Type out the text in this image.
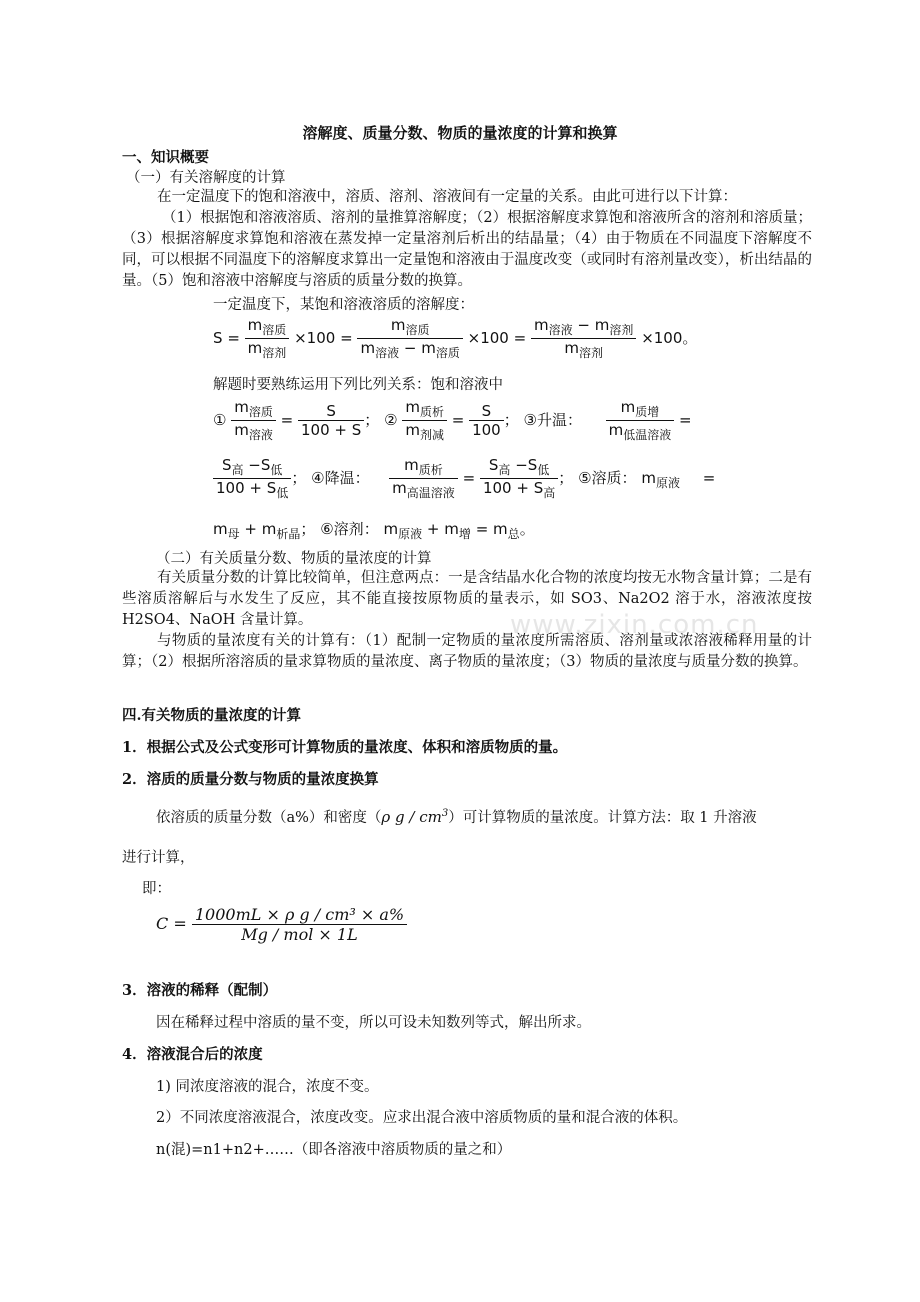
溶解度、质量分数、物质的量浓度的计算和换算
一、知识概要
（一）有关溶解度的计算
在一定温度下的饱和溶液中，溶质、溶剂、溶液间有一定量的关系。由此可进行以下计算：
（1）根据饱和溶液溶质、溶剂的量推算溶解度；（2）根据溶解度求算饱和溶液所含的溶剂和溶质量；（3）根据溶解度求算饱和溶液在蒸发掉一定量溶剂后析出的结晶量；（4）由于物质在不同温度下溶解度不同，可以根据不同温度下的溶解度求算出一定量饱和溶液由于温度改变（或同时有溶剂量改变），析出结晶的量。（5）饱和溶液中溶解度与溶质的质量分数的换算。
一定温度下，某饱和溶液溶质的溶解度：
S =
$m_{溶质}$
$m_{溶剂}$
×100 =
$m_{溶质}$
$m_{溶液} - m_{溶质}$
×100 =
$m_{溶液} - m_{溶剂}$
$m_{溶剂}$
×100。
解题时要熟练运用下列比列关系：饱和溶液中
①
$m_{溶质}$
$m_{溶液}$
= $\frac{S}{100 + S}$ ； ②
$m_{质析}$
$m_{剂减}$
= $\frac{S}{100}$ ； ③升温：
$m_{质增}$
$m_{低温溶液}$
=
$S_高 -S_低$
$100 + S_低$
； ④降温：
$m_{质析}$
$m_{高温溶液}$
=
$S_高 -S_低$
$100 + S_高$
； ⑤溶质： $m_{原液}$ =
$m_母 + m_{析晶}$； ⑥溶剂： $m_{原液} + m_增 = m_总$。
（二）有关质量分数、物质的量浓度的计算
有关质量分数的计算比较简单，但注意两点：一是含结晶水化合物的浓度均按无水物含量计算；二是有些溶质溶解后与水发生了反应，其不能直接按原物质的量表示，如 SO3、Na2O2 溶于水，溶液浓度按 H2SO4、NaOH 含量计算。
与物质的量浓度有关的计算有：（1）配制一定物质的量浓度所需溶质、溶剂量或浓溶液稀释用量的计算；（2）根据所溶溶质的量求算物质的量浓度、离子物质的量浓度；（3）物质的量浓度与质量分数的换算。
www.zixin.com.cn
四.有关物质的量浓度的计算
1．根据公式及公式变形可计算物质的量浓度、体积和溶质物质的量。
2．溶质的质量分数与物质的量浓度换算
依溶质的质量分数（a%）和密度（ρ g / $cm^3$）可计算物质的量浓度。计算方法：取 1 升溶液
进行计算，
即：
C = 1000mL × ρ g / cm³ × a%
Mg / mol × 1L
3．溶液的稀释（配制）
因在稀释过程中溶质的量不变，所以可设未知数列等式，解出所求。
4．溶液混合后的浓度
1) 同浓度溶液的混合，浓度不变。
2）不同浓度溶液混合，浓度改变。应求出混合液中溶质物质的量和混合液的体积。
n(混)=n1+n2+……（即各溶液中溶质物质的量之和）
